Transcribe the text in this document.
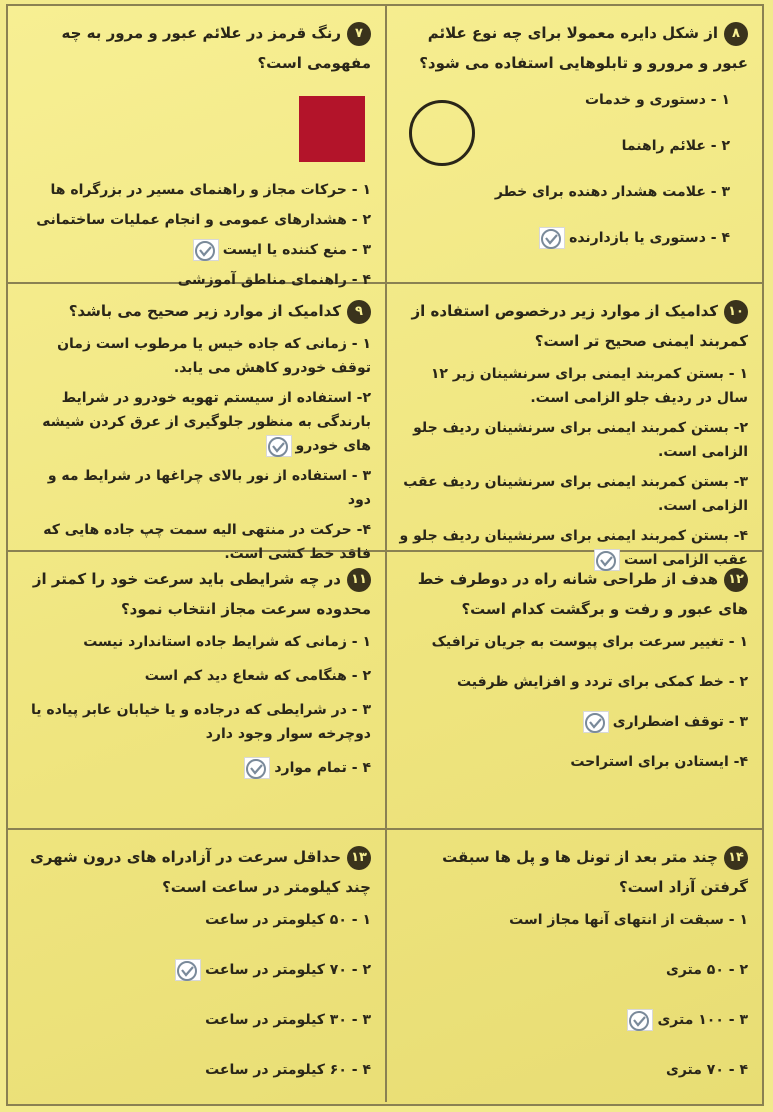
۸از شکل دایره معمولا برای چه نوع علائم عبور و مرورو و تابلوهایی استفاده می شود؟
۱ - دستوری و خدمات
۲ - علائم راهنما
۳ - علامت هشدار دهنده برای خطر
۴ - دستوری یا بازدارنده
۷رنگ قرمز در علائم عبور و مرور به چه مفهومی است؟
۱ - حرکات مجاز و راهنمای مسیر در بزرگراه ها
۲ - هشدارهای عمومی و انجام عملیات ساختمانی
۳ - منع کننده یا ایست
۴ - راهنمای مناطق آموزشی
۱۰کدامیک از موارد زیر درخصوص استفاده از کمربند ایمنی صحیح تر است؟
۱ - بستن کمربند ایمنی برای سرنشینان زیر ۱۲ سال در ردیف جلو الزامی است.
۲- بستن کمربند ایمنی برای سرنشینان ردیف جلو الزامی است.
۳- بستن کمربند ایمنی برای سرنشینان ردیف عقب الزامی است.
۴- بستن کمربند ایمنی برای سرنشینان ردیف جلو و عقب الزامی است
۹کدامیک از موارد زیر صحیح می باشد؟
۱ - زمانی که جاده خیس یا مرطوب است زمان توقف خودرو کاهش می یابد.
۲- استفاده از سیستم تهویه خودرو در شرایط بارندگی به منظور جلوگیری از عرق کردن شیشه های خودرو
۳ - استفاده از نور بالای چراغها در شرایط مه و دود
۴- حرکت در منتهی الیه سمت چپ جاده هایی که فاقد خط کشی است.
۱۲هدف از طراحی شانه راه در دوطرف خط های عبور و رفت و برگشت کدام است؟
۱ - تغییر سرعت برای پیوست به جریان ترافیک
۲ - خط کمکی برای تردد و افزایش ظرفیت
۳ - توقف اضطراری
۴- ایستادن برای استراحت
۱۱در چه شرایطی باید سرعت خود را کمتر از محدوده سرعت مجاز انتخاب نمود؟
۱ - زمانی که شرایط جاده استاندارد نیست
۲ - هنگامی که شعاع دید کم است
۳ - در شرایطی که درجاده و یا خیابان عابر پیاده یا دوچرخه سوار وجود دارد
۴ - تمام موارد
۱۴چند متر بعد از تونل ها و پل ها سبقت گرفتن آزاد است؟
۱ - سبقت از انتهای آنها مجاز است
۲ - ۵۰ متری
۳ - ۱۰۰ متری
۴ - ۷۰ متری
۱۳حداقل سرعت در آزادراه های درون شهری چند کیلومتر در ساعت است؟
۱ - ۵۰ کیلومتر در ساعت
۲ - ۷۰ کیلومتر در ساعت
۳ - ۳۰ کیلومتر در ساعت
۴ - ۶۰ کیلومتر در ساعت
